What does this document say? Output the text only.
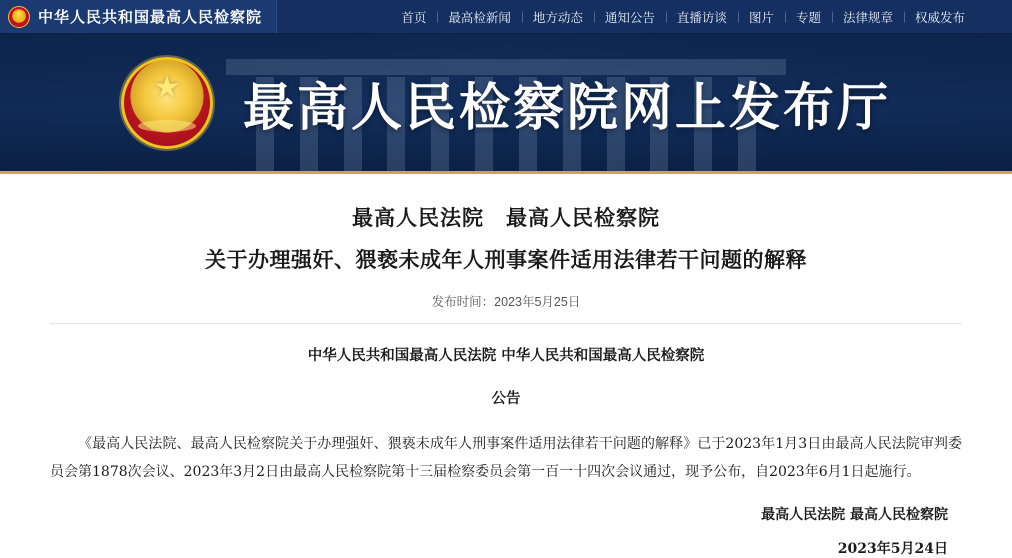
★
中华人民共和国最高人民检察院	首页	最高检新闻	地方动态	通知公告	直播访谈	图片	专题	法律规章	权威发布
★
最高人民检察院网上发布厅
最高人民法院　最高人民检察院
关于办理强奸、猥亵未成年人刑事案件适用法律若干问题的解释
发布时间：2023年5月25日
中华人民共和国最高人民法院 中华人民共和国最高人民检察院
公告
《最高人民法院、最高人民检察院关于办理强奸、猥亵未成年人刑事案件适用法律若干问题的解释》已于2023年1月3日由最高人民法院审判委员会第1878次会议、2023年3月2日由最高人民检察院第十三届检察委员会第一百一十四次会议通过，现予公布，自2023年6月1日起施行。
最高人民法院 最高人民检察院
2023年5月24日
